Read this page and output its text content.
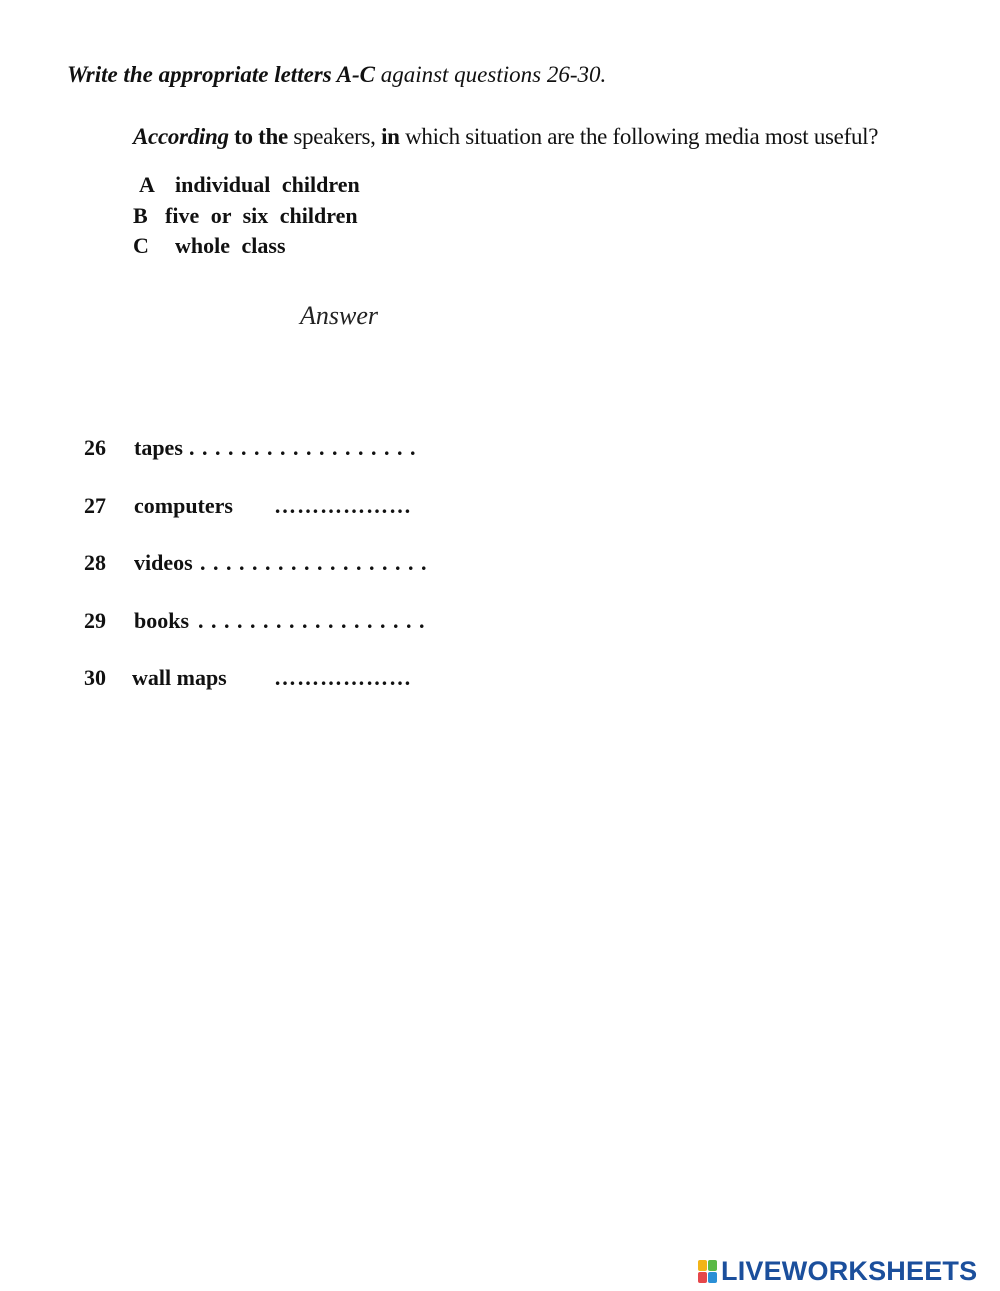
Write the appropriate letters A-C against questions 26-30.
According to the speakers, in which situation are the following media most useful?
A individual children
B five or six children
C	whole class
Answer
26 tapes . . . . . . . . . . . . . . . . . .
27 computers ………………
28 videos . . . . . . . . . . . . . . . . . .
29 books . . . . . . . . . . . . . . . . . .
30 wall maps ………………
LIVEWORKSHEETS
